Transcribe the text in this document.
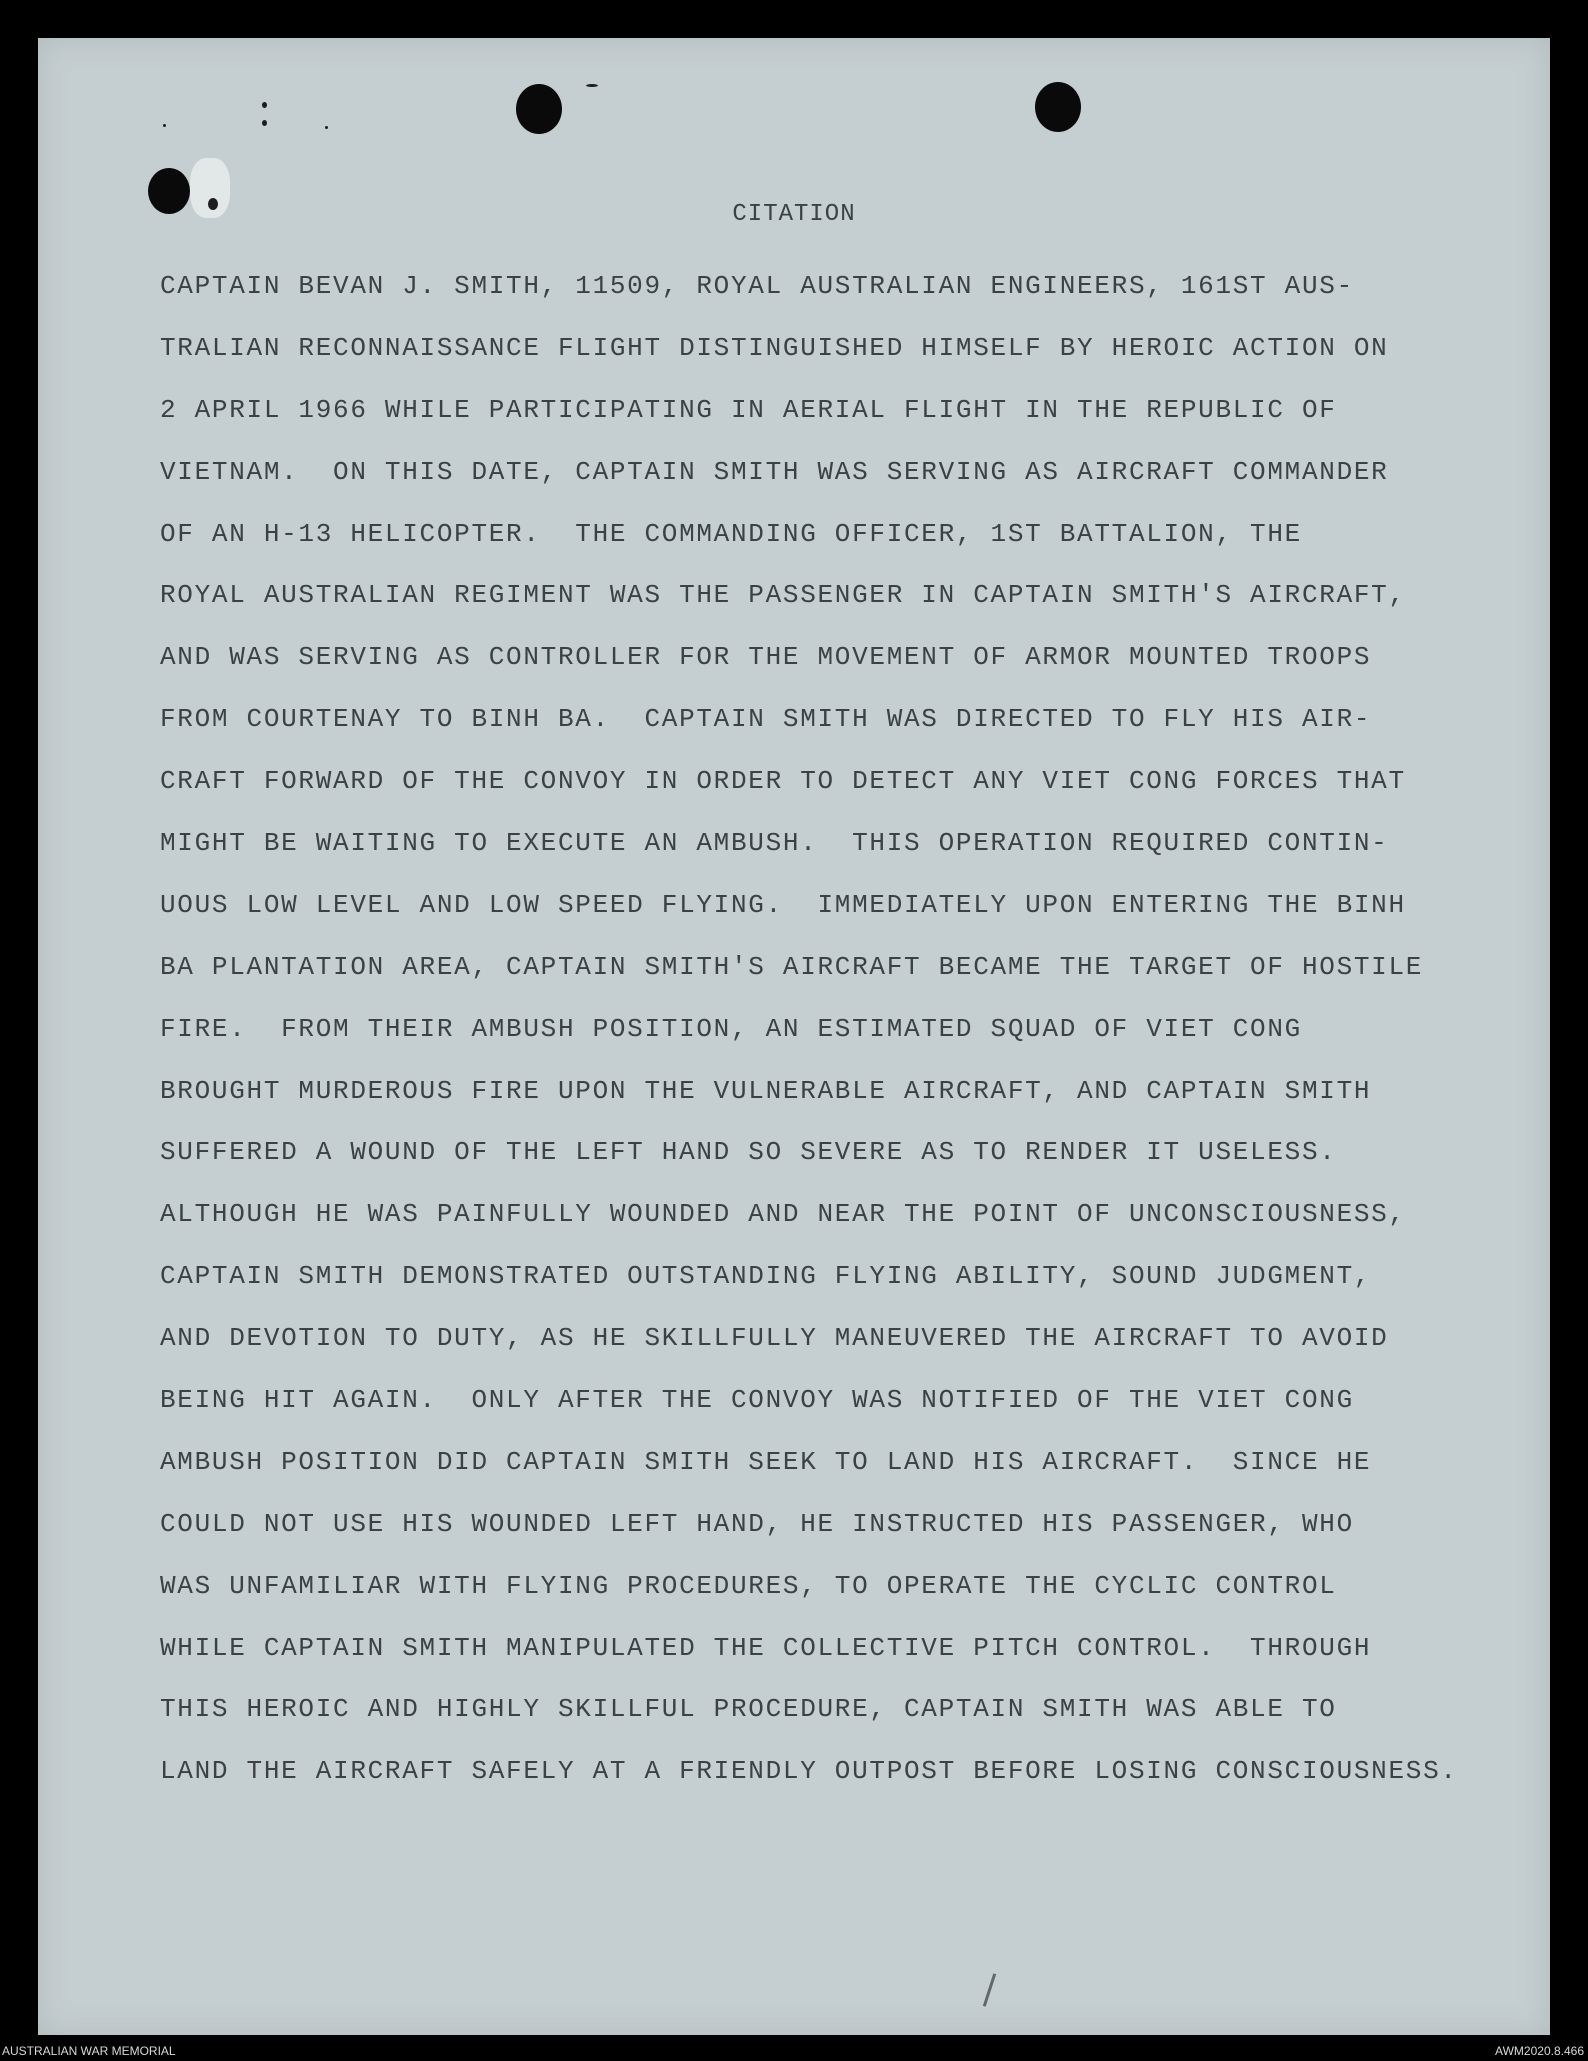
CITATION
CAPTAIN BEVAN J. SMITH, 11509, ROYAL AUSTRALIAN ENGINEERS, 161ST AUS-
TRALIAN RECONNAISSANCE FLIGHT DISTINGUISHED HIMSELF BY HEROIC ACTION ON
2 APRIL 1966 WHILE PARTICIPATING IN AERIAL FLIGHT IN THE REPUBLIC OF
VIETNAM.  ON THIS DATE, CAPTAIN SMITH WAS SERVING AS AIRCRAFT COMMANDER
OF AN H-13 HELICOPTER.  THE COMMANDING OFFICER, 1ST BATTALION, THE
ROYAL AUSTRALIAN REGIMENT WAS THE PASSENGER IN CAPTAIN SMITH'S AIRCRAFT,
AND WAS SERVING AS CONTROLLER FOR THE MOVEMENT OF ARMOR MOUNTED TROOPS
FROM COURTENAY TO BINH BA.  CAPTAIN SMITH WAS DIRECTED TO FLY HIS AIR-
CRAFT FORWARD OF THE CONVOY IN ORDER TO DETECT ANY VIET CONG FORCES THAT
MIGHT BE WAITING TO EXECUTE AN AMBUSH.  THIS OPERATION REQUIRED CONTIN-
UOUS LOW LEVEL AND LOW SPEED FLYING.  IMMEDIATELY UPON ENTERING THE BINH
BA PLANTATION AREA, CAPTAIN SMITH'S AIRCRAFT BECAME THE TARGET OF HOSTILE
FIRE.  FROM THEIR AMBUSH POSITION, AN ESTIMATED SQUAD OF VIET CONG
BROUGHT MURDEROUS FIRE UPON THE VULNERABLE AIRCRAFT, AND CAPTAIN SMITH
SUFFERED A WOUND OF THE LEFT HAND SO SEVERE AS TO RENDER IT USELESS.
ALTHOUGH HE WAS PAINFULLY WOUNDED AND NEAR THE POINT OF UNCONSCIOUSNESS,
CAPTAIN SMITH DEMONSTRATED OUTSTANDING FLYING ABILITY, SOUND JUDGMENT,
AND DEVOTION TO DUTY, AS HE SKILLFULLY MANEUVERED THE AIRCRAFT TO AVOID
BEING HIT AGAIN.  ONLY AFTER THE CONVOY WAS NOTIFIED OF THE VIET CONG
AMBUSH POSITION DID CAPTAIN SMITH SEEK TO LAND HIS AIRCRAFT.  SINCE HE
COULD NOT USE HIS WOUNDED LEFT HAND, HE INSTRUCTED HIS PASSENGER, WHO
WAS UNFAMILIAR WITH FLYING PROCEDURES, TO OPERATE THE CYCLIC CONTROL
WHILE CAPTAIN SMITH MANIPULATED THE COLLECTIVE PITCH CONTROL.  THROUGH
THIS HEROIC AND HIGHLY SKILLFUL PROCEDURE, CAPTAIN SMITH WAS ABLE TO
LAND THE AIRCRAFT SAFELY AT A FRIENDLY OUTPOST BEFORE LOSING CONSCIOUSNESS.
AUSTRALIAN WAR MEMORIAL	AWM2020.8.466
